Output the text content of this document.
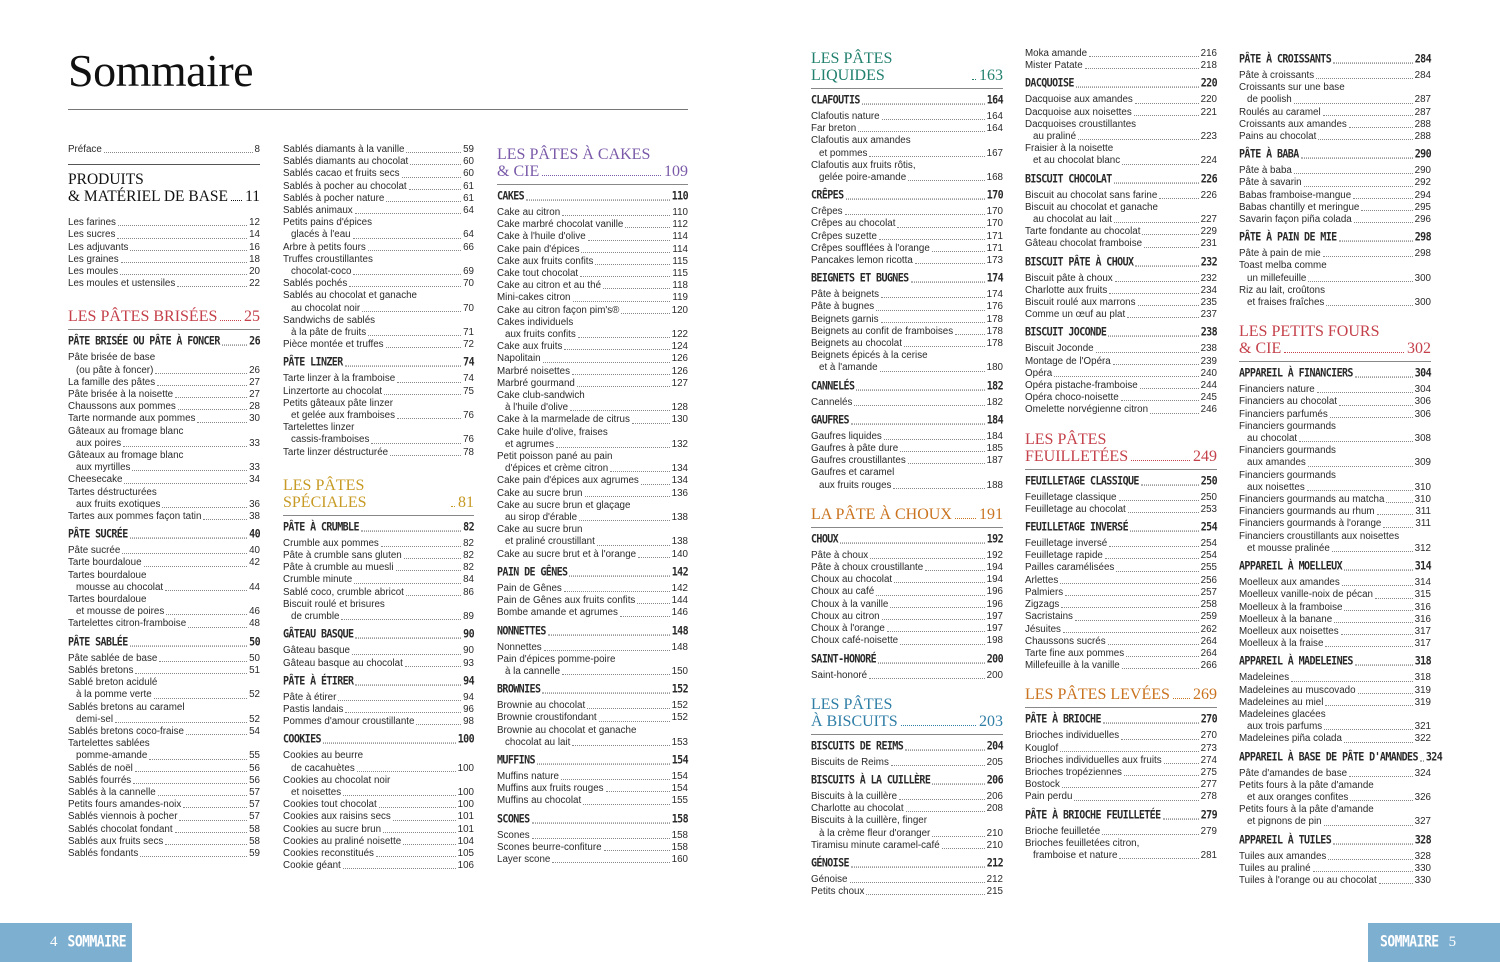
Sommaire
Préface	8
PRODUITS
& MATÉRIEL DE BASE 11
Les farines	12
Les sucres	14
Les adjuvants	16
Les graines	18
Les moules	20
Les moules et ustensiles	22
LES PÂTES BRISÉES 25
PÂTE BRISÉE OU PÂTE À FONCER	26
Pâte brisée de base
(ou pâte à foncer)	26
La famille des pâtes	27
Pâte brisée à la noisette	27
Chaussons aux pommes	28
Tarte normande aux pommes	30
Gâteaux au fromage blanc
aux poires	33
Gâteaux au fromage blanc
aux myrtilles	33
Cheesecake	34
Tartes déstructurées
aux fruits exotiques	36
Tartes aux pommes façon tatin	38
PÂTE SUCRÉE	40
Pâte sucrée	40
Tarte bourdaloue	42
Tartes bourdaloue
mousse au chocolat	44
Tartes bourdaloue
et mousse de poires	46
Tartelettes citron-framboise	48
PÂTE SABLÉE	50
Pâte sablée de base	50
Sablés bretons	51
Sablé breton acidulé
à la pomme verte	52
Sablés bretons au caramel
demi-sel	52
Sablés bretons coco-fraise	54
Tartelettes sablées
pomme-amande	55
Sablés de noël	56
Sablés fourrés	56
Sablés à la cannelle	57
Petits fours amandes-noix	57
Sablés viennois à pocher	57
Sablés chocolat fondant	58
Sablés aux fruits secs	58
Sablés fondants	59
Sablés diamants à la vanille	59
Sablés diamants au chocolat	60
Sablés cacao et fruits secs	60
Sablés à pocher au chocolat	61
Sablés à pocher nature	61
Sablés animaux	64
Petits pains d'épices
glacés à l'eau	64
Arbre à petits fours	66
Truffes croustillantes
chocolat-coco	69
Sablés pochés	70
Sablés au chocolat et ganache
au chocolat noir	70
Sandwichs de sablés
à la pâte de fruits	71
Pièce montée et truffes	72
PÂTE LINZER	74
Tarte linzer à la framboise	74
Linzertorte au chocolat	75
Petits gâteaux pâte linzer
et gelée aux framboises	76
Tartelettes linzer
cassis-framboises	76
Tarte linzer déstructurée	78
LES PÂTES SPÉCIALES	81
PÂTE À CRUMBLE	82
Crumble aux pommes	82
Pâte à crumble sans gluten	82
Pâte à crumble au muesli	82
Crumble minute	84
Sablé coco, crumble abricot	86
Biscuit roulé et brisures
de crumble	89
GÂTEAU BASQUE	90
Gâteau basque	90
Gâteau basque au chocolat	93
PÂTE À ÉTIRER	94
Pâte à étirer	94
Pastis landais	96
Pommes d'amour croustillante	98
COOKIES	100
Cookies au beurre
de cacahuètes	100
Cookies au chocolat noir
et noisettes	100
Cookies tout chocolat	100
Cookies aux raisins secs	101
Cookies au sucre brun	101
Cookies au praliné noisette	104
Cookies reconstitués	105
Cookie géant	106
LES PÂTES À CAKES
& CIE	109
CAKES	110
Cake au citron	110
Cake marbré chocolat vanille	112
Cake à l'huile d'olive	114
Cake pain d'épices	114
Cake aux fruits confits	115
Cake tout chocolat	115
Cake au citron et au thé	118
Mini-cakes citron	119
Cake au citron façon pim's®	120
Cakes individuels
aux fruits confits	122
Cake aux fruits	124
Napolitain	126
Marbré noisettes	126
Marbré gourmand	127
Cake club-sandwich
à l'huile d'olive	128
Cake à la marmelade de citrus	130
Cake huile d'olive, fraises
et agrumes	132
Petit poisson pané au pain
d'épices et crème citron	134
Cake pain d'épices aux agrumes	134
Cake au sucre brun	136
Cake au sucre brun et glaçage
au sirop d'érable	138
Cake au sucre brun
et praliné croustillant	138
Cake au sucre brut et à l'orange	140
PAIN DE GÊNES	142
Pain de Gênes	142
Pain de Gênes aux fruits confits	144
Bombe amande et agrumes	146
NONNETTES	148
Nonnettes	148
Pain d'épices pomme-poire
à la cannelle	150
BROWNIES	152
Brownie au chocolat	152
Brownie croustifondant	152
Brownie au chocolat et ganache
chocolat au lait	153
MUFFINS	154
Muffins nature	154
Muffins aux fruits rouges	154
Muffins au chocolat	155
SCONES	158
Scones	158
Scones beurre-confiture	158
Layer scone	160
LES PÂTES LIQUIDES	163
CLAFOUTIS	164
Clafoutis nature	164
Far breton	164
Clafoutis aux amandes
et pommes	167
Clafoutis aux fruits rôtis,
gelée poire-amande	168
CRÊPES	170
Crêpes	170
Crêpes au chocolat	170
Crêpes suzette	171
Crêpes soufflées à l'orange	171
Pancakes lemon ricotta	173
BEIGNETS ET BUGNES	174
Pâte à beignets	174
Pâte à bugnes	176
Beignets garnis	178
Beignets au confit de framboises	178
Beignets au chocolat	178
Beignets épicés à la cerise
et à l'amande	180
CANNELÉS	182
Cannelés	182
GAUFRES	184
Gaufres liquides	184
Gaufres à pâte dure	185
Gaufres croustillantes	187
Gaufres et caramel
aux fruits rouges	188
LA PÂTE À CHOUX 191
CHOUX	192
Pâte à choux	192
Pâte à choux croustillante	194
Choux au chocolat	194
Choux au café	196
Choux à la vanille	196
Choux au citron	197
Choux à l'orange	197
Choux café-noisette	198
SAINT-HONORÉ	200
Saint-honoré	200
LES PÂTES
À BISCUITS	203
BISCUITS DE REIMS	204
Biscuits de Reims	205
BISCUITS À LA CUILLÈRE	206
Biscuits à la cuillère	206
Charlotte au chocolat	208
Biscuits à la cuillère, finger
à la crème fleur d'oranger	210
Tiramisu minute caramel-café	210
GÉNOISE	212
Génoise	212
Petits choux	215
Moka amande	216
Mister Patate	218
DACQUOISE	220
Dacquoise aux amandes	220
Dacquoise aux noisettes	221
Dacquoises croustillantes
au praliné	223
Fraisier à la noisette
et au chocolat blanc	224
BISCUIT CHOCOLAT	226
Biscuit au chocolat sans farine	226
Biscuit au chocolat et ganache
au chocolat au lait	227
Tarte fondante au chocolat	229
Gâteau chocolat framboise	231
BISCUIT PÂTE À CHOUX	232
Biscuit pâte à choux	232
Charlotte aux fruits	234
Biscuit roulé aux marrons	235
Comme un œuf au plat	237
BISCUIT JOCONDE	238
Biscuit Joconde	238
Montage de l'Opéra	239
Opéra	240
Opéra pistache-framboise	244
Opéra choco-noisette	245
Omelette norvégienne citron	246
LES PÂTES
FEUILLETÉES	249
FEUILLETAGE CLASSIQUE	250
Feuilletage classique	250
Feuilletage au chocolat	253
FEUILLETAGE INVERSÉ	254
Feuilletage inversé	254
Feuilletage rapide	254
Pailles caramélisées	255
Arlettes	256
Palmiers	257
Zigzags	258
Sacristains	259
Jésuites	262
Chaussons sucrés	264
Tarte fine aux pommes	264
Millefeuille à la vanille	266
LES PÂTES LEVÉES 269
PÂTE À BRIOCHE	270
Brioches individuelles	270
Kouglof	273
Brioches individuelles aux fruits	274
Brioches tropéziennes	275
Bostock	277
Pain perdu	278
PÂTE À BRIOCHE FEUILLETÉE	279
Brioche feuilletée	279
Brioches feuilletées citron,
framboise et nature	281
PÂTE À CROISSANTS	284
Pâte à croissants	284
Croissants sur une base
de poolish	287
Roulés au caramel	287
Croissants aux amandes	288
Pains au chocolat	288
PÂTE À BABA	290
Pâte à baba	290
Pâte à savarin	292
Babas framboise-mangue	294
Babas chantilly et meringue	295
Savarin façon piña colada	296
PÂTE À PAIN DE MIE	298
Pâte à pain de mie	298
Toast melba comme
un millefeuille	300
Riz au lait, croûtons
et fraises fraîches	300
LES PETITS FOURS
& CIE	302
APPAREIL À FINANCIERS	304
Financiers nature	304
Financiers au chocolat	306
Financiers parfumés	306
Financiers gourmands
au chocolat	308
Financiers gourmands
aux amandes	309
Financiers gourmands
aux noisettes	310
Financiers gourmands au matcha	310
Financiers gourmands au rhum	311
Financiers gourmands à l'orange	311
Financiers croustillants aux noisettes
et mousse pralinée	312
APPAREIL À MOELLEUX	314
Moelleux aux amandes	314
Moelleux vanille-noix de pécan	315
Moelleux à la framboise	316
Moelleux à la banane	316
Moelleux aux noisettes	317
Moelleux à la fraise	317
APPAREIL À MADELEINES	318
Madeleines	318
Madeleines au muscovado	319
Madeleines au miel	319
Madeleines glacées
aux trois parfums	321
Madeleines piña colada	322
APPAREIL À BASE DE PÂTE D'AMANDES 324
Pâte d'amandes de base	324
Petits fours à la pâte d'amande
et aux oranges confites	326
Petits fours à la pâte d'amande
et pignons de pin	327
APPAREIL À TUILES	328
Tuiles aux amandes	328
Tuiles au praliné	330
Tuiles à l'orange ou au chocolat	330
4 SOMMAIRE	SOMMAIRE 5
